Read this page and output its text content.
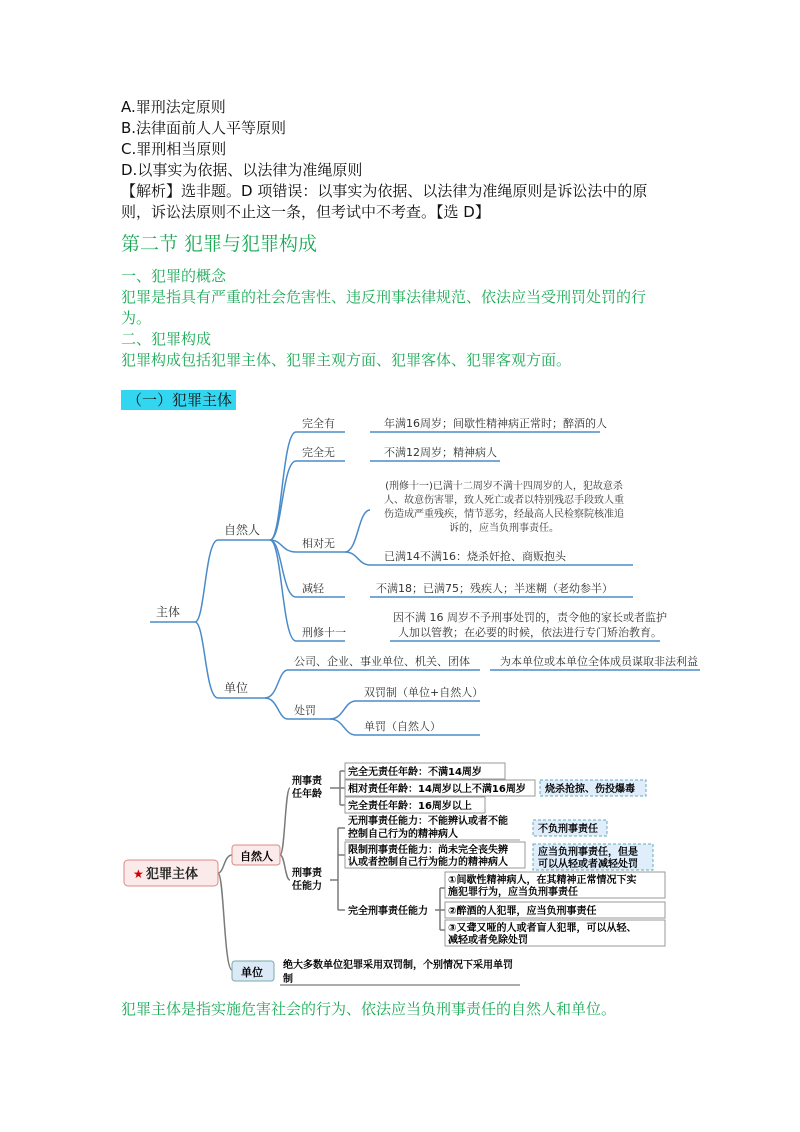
A.罪刑法定原则
B.法律面前人人平等原则
C.罪刑相当原则
D.以事实为依据、以法律为准绳原则
【解析】选非题。D 项错误：以事实为依据、以法律为准绳原则是诉讼法中的原
则，诉讼法原则不止这一条，但考试中不考查。【选 D】
第二节 犯罪与犯罪构成
一、犯罪的概念
犯罪是指具有严重的社会危害性、违反刑事法律规范、依法应当受刑罚处罚的行
为。
二、犯罪构成
犯罪构成包括犯罪主体、犯罪主观方面、犯罪客体、犯罪客观方面。
（一）犯罪主体
主体
自然人
单位
完全有	年满16周岁；间歇性精神病正常时；醉酒的人
完全无	不满12周岁；精神病人
相对无
(刑修十一)已满十二周岁不满十四周岁的人，犯故意杀
人、故意伤害罪，致人死亡或者以特别残忍手段致人重
伤造成严重残疾，情节恶劣，经最高人民检察院核准追
诉的，应当负刑事责任。
已满14不满16：烧杀奸抢、商贩抱头
减轻	不满18；已满75；残疾人；半迷糊（老幼参半）
刑修十一
因不满 16 周岁不予刑事处罚的，责令他的家长或者监护
人加以管教；在必要的时候，依法进行专门矫治教育。
公司、企业、事业单位、机关、团体	为本单位或本单位全体成员谋取非法利益
处罚
双罚制（单位+自然人）
单罚（自然人）
★ 犯罪主体
自然人
单位
绝大多数单位犯罪采用双罚制，个别情况下采用单罚
制
刑事责
任年龄
完全无责任年龄：不满14周岁
相对责任年龄：14周岁以上不满16周岁 烧杀抢掠、伤投爆毒
完全责任年龄：16周岁以上
刑事责
任能力
无刑事责任能力：不能辨认或者不能
控制自己行为的精神病人	不负刑事责任
限制刑事责任能力：尚未完全丧失辨
认或者控制自己行为能力的精神病人
应当负刑事责任，但是
可以从轻或者减轻处罚
完全刑事责任能力
①间歇性精神病人，在其精神正常情况下实
施犯罪行为，应当负刑事责任
②醉酒的人犯罪，应当负刑事责任
③又聋又哑的人或者盲人犯罪，可以从轻、
减轻或者免除处罚
犯罪主体是指实施危害社会的行为、依法应当负刑事责任的自然人和单位。
